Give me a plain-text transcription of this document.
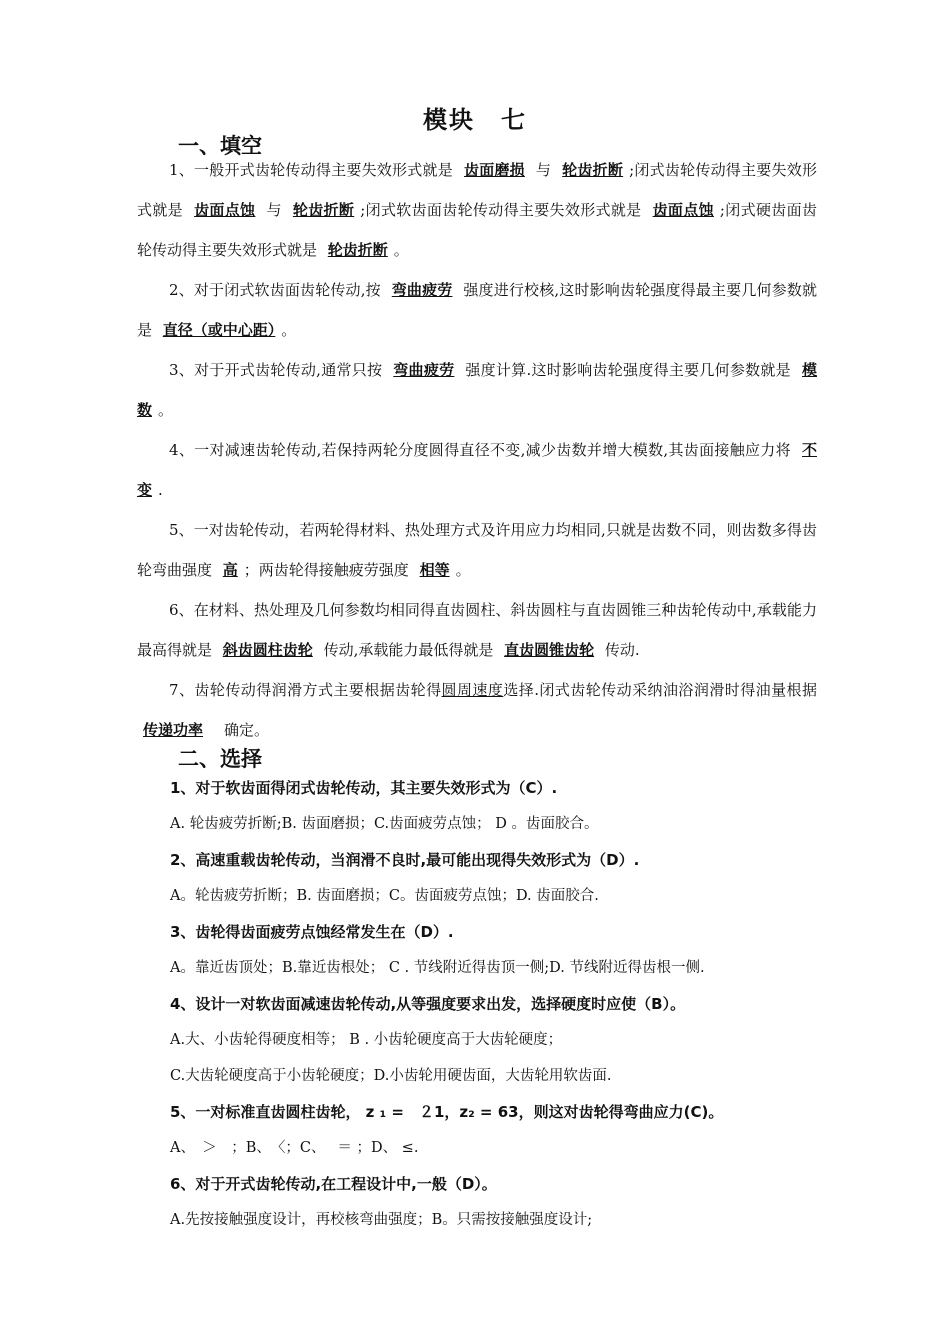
模块　七
一、填空

1、一般开式齿轮传动得主要失效形式就是 齿面磨损 与 轮齿折断 ;闭式齿轮传动得主要失效形式就是 齿面点蚀 与 轮齿折断 ;闭式软齿面齿轮传动得主要失效形式就是 齿面点蚀 ;闭式硬齿面齿轮传动得主要失效形式就是 轮齿折断 。

2、对于闭式软齿面齿轮传动,按 弯曲疲劳 强度进行校核,这时影响齿轮强度得最主要几何参数就是 直径（或中心距） 。

3、对于开式齿轮传动,通常只按 弯曲疲劳 强度计算.这时影响齿轮强度得主要几何参数就是 模数 。

4、一对减速齿轮传动,若保持两轮分度圆得直径不变,减少齿数并增大模数,其齿面接触应力将 不变 .

5、一对齿轮传动，若两轮得材料、热处理方式及许用应力均相同,只就是齿数不同，则齿数多得齿轮弯曲强度 高 ；两齿轮得接触疲劳强度 相等 。

6、在材料、热处理及几何参数均相同得直齿圆柱、斜齿圆柱与直齿圆锥三种齿轮传动中,承载能力最高得就是 斜齿圆柱齿轮 传动,承载能力最低得就是 直齿圆锥齿轮 传动.

7、齿轮传动得润滑方式主要根据齿轮得圆周速度选择.闭式齿轮传动采纳油浴润滑时得油量根据 传递功率　确定。

二、选择
1、对于软齿面得闭式齿轮传动，其主要失效形式为（C）.
A. 轮齿疲劳折断;B. 齿面磨损；C.齿面疲劳点蚀； D 。齿面胶合。
2、高速重载齿轮传动，当润滑不良时,最可能出现得失效形式为（D）.
A。轮齿疲劳折断；B. 齿面磨损；C。齿面疲劳点蚀；D. 齿面胶合.
3、齿轮得齿面疲劳点蚀经常发生在（D）.
A。靠近齿顶处；B.靠近齿根处； C . 节线附近得齿顶一侧;D. 节线附近得齿根一侧.
4、设计一对软齿面减速齿轮传动,从等强度要求出发，选择硬度时应使（B）。
A.大、小齿轮得硬度相等； B . 小齿轮硬度高于大齿轮硬度；
C.大齿轮硬度高于小齿轮硬度；D.小齿轮用硬齿面，大齿轮用软齿面.
5、一对标准直齿圆柱齿轮， z ₁ =　２1，z₂ = 63，则这对齿轮得弯曲应力(C)。
A、　＞　；B、　〈；C、　 ＝ ；D、 ≤.
6、对于开式齿轮传动,在工程设计中,一般（D）。
A.先按接触强度设计，再校核弯曲强度；B。只需按接触强度设计;
